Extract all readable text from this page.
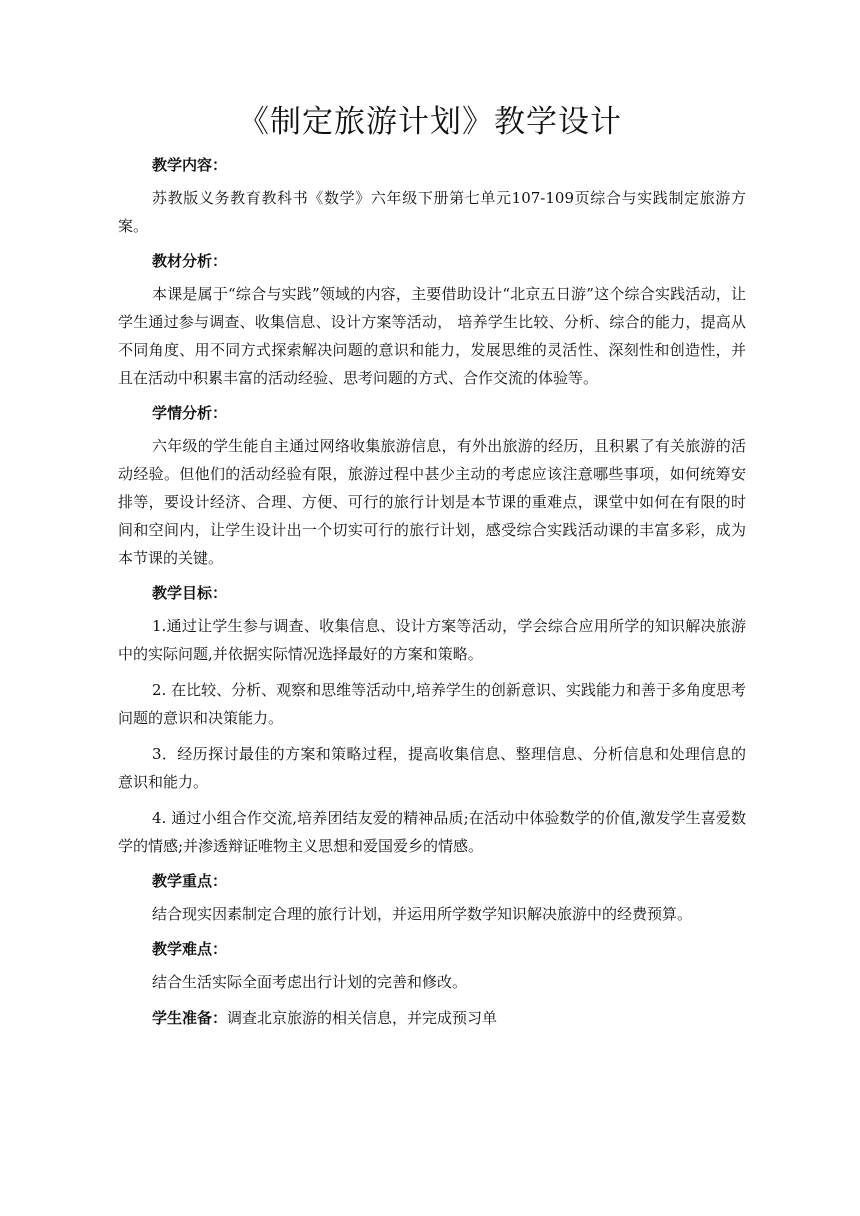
《制定旅游计划》教学设计

教学内容：

苏教版义务教育教科书《数学》六年级下册第七单元107-109页综合与实践制定旅游方案。

教材分析：

本课是属于“综合与实践”领域的内容，主要借助设计“北京五日游”这个综合实践活动，让学生通过参与调查、收集信息、设计方案等活动， 培养学生比较、分析、综合的能力，提高从不同角度、用不同方式探索解决问题的意识和能力，发展思维的灵活性、深刻性和创造性，并且在活动中积累丰富的活动经验、思考问题的方式、合作交流的体验等。

学情分析：

六年级的学生能自主通过网络收集旅游信息，有外出旅游的经历，且积累了有关旅游的活动经验。但他们的活动经验有限，旅游过程中甚少主动的考虑应该注意哪些事项，如何统筹安排等，要设计经济、合理、方便、可行的旅行计划是本节课的重难点，课堂中如何在有限的时间和空间内，让学生设计出一个切实可行的旅行计划，感受综合实践活动课的丰富多彩，成为本节课的关键。

教学目标：

1.通过让学生参与调查、收集信息、设计方案等活动，学会综合应用所学的知识解决旅游中的实际问题,并依据实际情况选择最好的方案和策略。

2. 在比较、分析、观察和思维等活动中,培养学生的创新意识、实践能力和善于多角度思考问题的意识和决策能力。

3．经历探讨最佳的方案和策略过程，提高收集信息、整理信息、分析信息和处理信息的意识和能力。

4. 通过小组合作交流,培养团结友爱的精神品质;在活动中体验数学的价值,激发学生喜爱数学的情感;并渗透辩证唯物主义思想和爱国爱乡的情感。

教学重点：

结合现实因素制定合理的旅行计划，并运用所学数学知识解决旅游中的经费预算。

教学难点：

结合生活实际全面考虑出行计划的完善和修改。

学生准备：调查北京旅游的相关信息，并完成预习单
